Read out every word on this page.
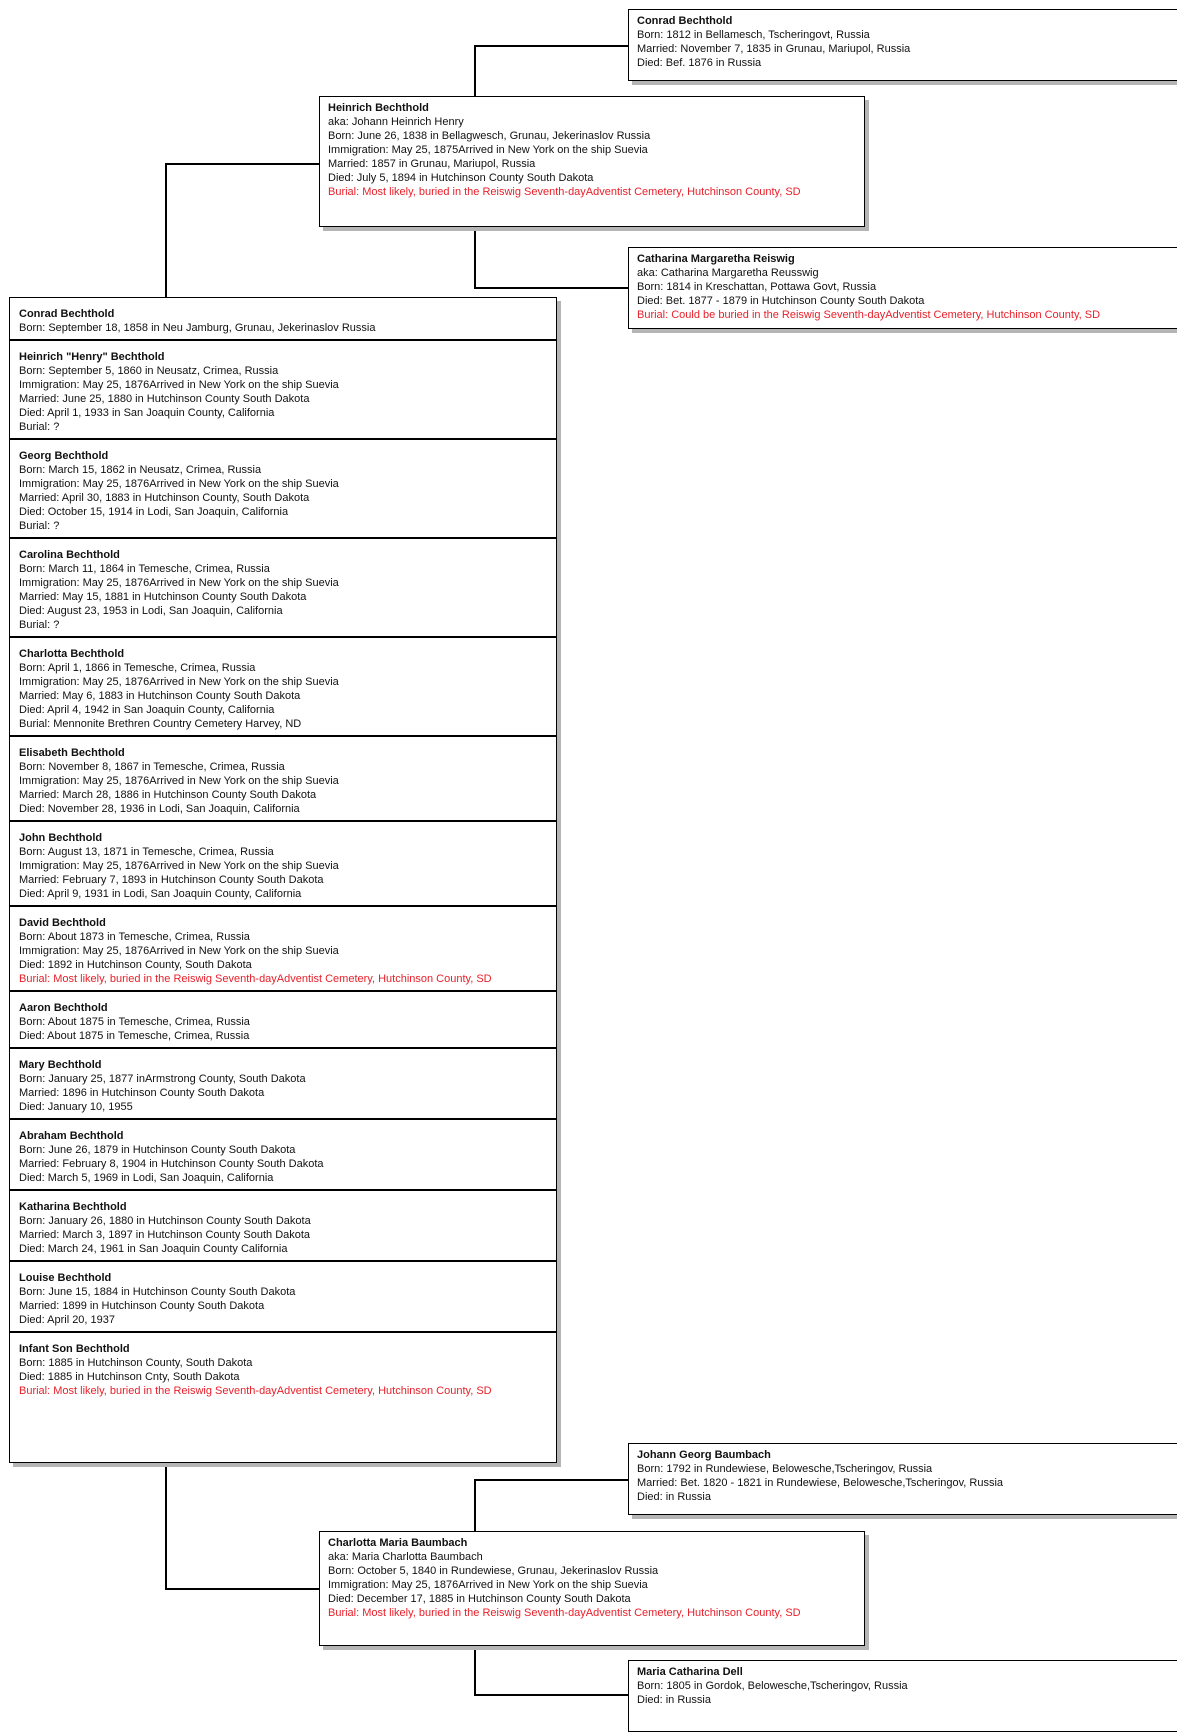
Conrad Bechthold
Born: 1812 in Bellamesch, Tscheringovt, Russia
Married: November 7, 1835 in Grunau, Mariupol, Russia
Died: Bef. 1876 in Russia
Heinrich Bechthold
aka: Johann Heinrich Henry
Born: June 26, 1838 in Bellagwesch, Grunau, Jekerinaslov Russia
Immigration: May 25, 1875Arrived in New York on the ship Suevia
Married: 1857 in Grunau, Mariupol, Russia
Died: July 5, 1894 in Hutchinson County South Dakota
Burial: Most likely, buried in the Reiswig Seventh-dayAdventist Cemetery, Hutchinson County, SD
Catharina Margaretha Reiswig
aka: Catharina Margaretha Reusswig
Born: 1814 in Kreschattan, Pottawa Govt, Russia
Died: Bet. 1877 - 1879 in Hutchinson County South Dakota
Burial: Could be buried in the Reiswig Seventh-dayAdventist Cemetery, Hutchinson County, SD
Conrad Bechthold
Born: September 18, 1858 in Neu Jamburg, Grunau, Jekerinaslov Russia
Heinrich "Henry" Bechthold
Born: September 5, 1860 in Neusatz, Crimea, Russia
Immigration: May 25, 1876Arrived in New York on the ship Suevia
Married: June 25, 1880 in Hutchinson County South Dakota
Died: April 1, 1933 in San Joaquin County, California
Burial: ?
Georg Bechthold
Born: March 15, 1862 in Neusatz, Crimea, Russia
Immigration: May 25, 1876Arrived in New York on the ship Suevia
Married: April 30, 1883 in Hutchinson County, South Dakota
Died: October 15, 1914 in Lodi, San Joaquin, California
Burial: ?
Carolina Bechthold
Born: March 11, 1864 in Temesche, Crimea, Russia
Immigration: May 25, 1876Arrived in New York on the ship Suevia
Married: May 15, 1881 in Hutchinson County South Dakota
Died: August 23, 1953 in Lodi, San Joaquin, California
Burial: ?
Charlotta Bechthold
Born: April 1, 1866 in Temesche, Crimea, Russia
Immigration: May 25, 1876Arrived in New York on the ship Suevia
Married: May 6, 1883 in Hutchinson County South Dakota
Died: April 4, 1942 in San Joaquin County, California
Burial: Mennonite Brethren Country Cemetery Harvey, ND
Elisabeth Bechthold
Born: November 8, 1867 in Temesche, Crimea, Russia
Immigration: May 25, 1876Arrived in New York on the ship Suevia
Married: March 28, 1886 in Hutchinson County South Dakota
Died: November 28, 1936 in Lodi, San Joaquin, California
John Bechthold
Born: August 13, 1871 in Temesche, Crimea, Russia
Immigration: May 25, 1876Arrived in New York on the ship Suevia
Married: February 7, 1893 in Hutchinson County South Dakota
Died: April 9, 1931 in Lodi, San Joaquin County, California
David Bechthold
Born: About 1873 in Temesche, Crimea, Russia
Immigration: May 25, 1876Arrived in New York on the ship Suevia
Died: 1892 in Hutchinson County, South Dakota
Burial: Most likely, buried in the Reiswig Seventh-dayAdventist Cemetery, Hutchinson County, SD
Aaron Bechthold
Born: About 1875 in Temesche, Crimea, Russia
Died: About 1875 in Temesche, Crimea, Russia
Mary Bechthold
Born: January 25, 1877 inArmstrong County, South Dakota
Married: 1896 in Hutchinson County South Dakota
Died: January 10, 1955
Abraham Bechthold
Born: June 26, 1879 in Hutchinson County South Dakota
Married: February 8, 1904 in Hutchinson County South Dakota
Died: March 5, 1969 in Lodi, San Joaquin, California
Katharina Bechthold
Born: January 26, 1880 in Hutchinson County South Dakota
Married: March 3, 1897 in Hutchinson County South Dakota
Died: March 24, 1961 in San Joaquin County California
Louise Bechthold
Born: June 15, 1884 in Hutchinson County South Dakota
Married: 1899 in Hutchinson County South Dakota
Died: April 20, 1937
Infant Son Bechthold
Born: 1885 in Hutchinson County, South Dakota
Died: 1885 in Hutchinson Cnty, South Dakota
Burial: Most likely, buried in the Reiswig Seventh-dayAdventist Cemetery, Hutchinson County, SD
Johann Georg Baumbach
Born: 1792 in Rundewiese, Belowesche,Tscheringov, Russia
Married: Bet. 1820 - 1821 in Rundewiese, Belowesche,Tscheringov, Russia
Died: in Russia
Charlotta Maria Baumbach
aka: Maria Charlotta Baumbach
Born: October 5, 1840 in Rundewiese, Grunau, Jekerinaslov Russia
Immigration: May 25, 1876Arrived in New York on the ship Suevia
Died: December 17, 1885 in Hutchinson County South Dakota
Burial: Most likely, buried in the Reiswig Seventh-dayAdventist Cemetery, Hutchinson County, SD
Maria Catharina Dell
Born: 1805 in Gordok, Belowesche,Tscheringov, Russia
Died: in Russia
